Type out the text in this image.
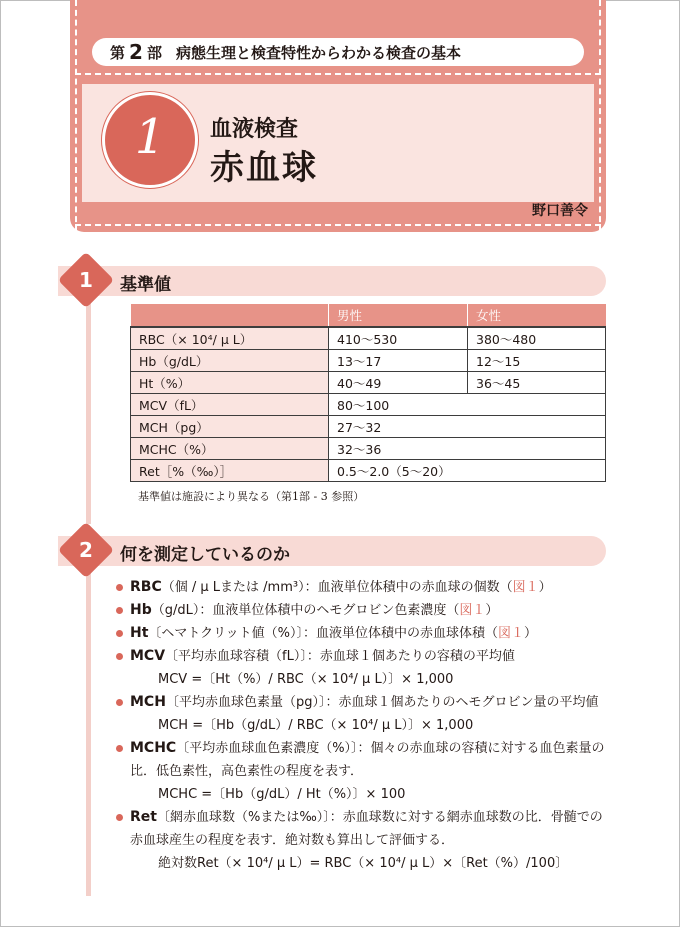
第 2 部 病態生理と検査特性からわかる検査の基本
1	血液検査
赤血球
野口善令
1	基準値
	男性	女性
RBC（× 10⁴/ μ L）	410〜530	380〜480
Hb（g/dL）	13〜17	12〜15
Ht（%）	40〜49	36〜45
MCV（fL）	80〜100	
MCH（pg）	27〜32	
MCHC（%）	32〜36	
Ret［%（‰）］	0.5〜2.0（5〜20）	
基準値は施設により異なる（第1部 - 3 参照）
2	何を測定しているのか
RBC（個 / μ Lまたは /mm³）：血液単位体積中の赤血球の個数（図１）
Hb（g/dL）：血液単位体積中のヘモグロビン色素濃度（図１）
Ht〔ヘマトクリット値（%）〕：血液単位体積中の赤血球体積（図１）
MCV〔平均赤血球容積（fL）〕：赤血球１個あたりの容積の平均値
MCV =〔Ht（%）/ RBC（× 10⁴/ μ L）〕× 1,000
MCH〔平均赤血球色素量（pg）〕：赤血球１個あたりのヘモグロビン量の平均値
MCH =〔Hb（g/dL）/ RBC（× 10⁴/ μ L）〕× 1,000
MCHC〔平均赤血球血色素濃度（%）〕：個々の赤血球の容積に対する血色素量の比．低色素性，高色素性の程度を表す．
MCHC =〔Hb（g/dL）/ Ht（%）〕× 100
Ret〔網赤血球数（%または‰）〕：赤血球数に対する網赤血球数の比．骨髄での赤血球産生の程度を表す．絶対数も算出して評価する．
絶対数Ret（× 10⁴/ μ L）= RBC（× 10⁴/ μ L）×〔Ret（%）/100〕
